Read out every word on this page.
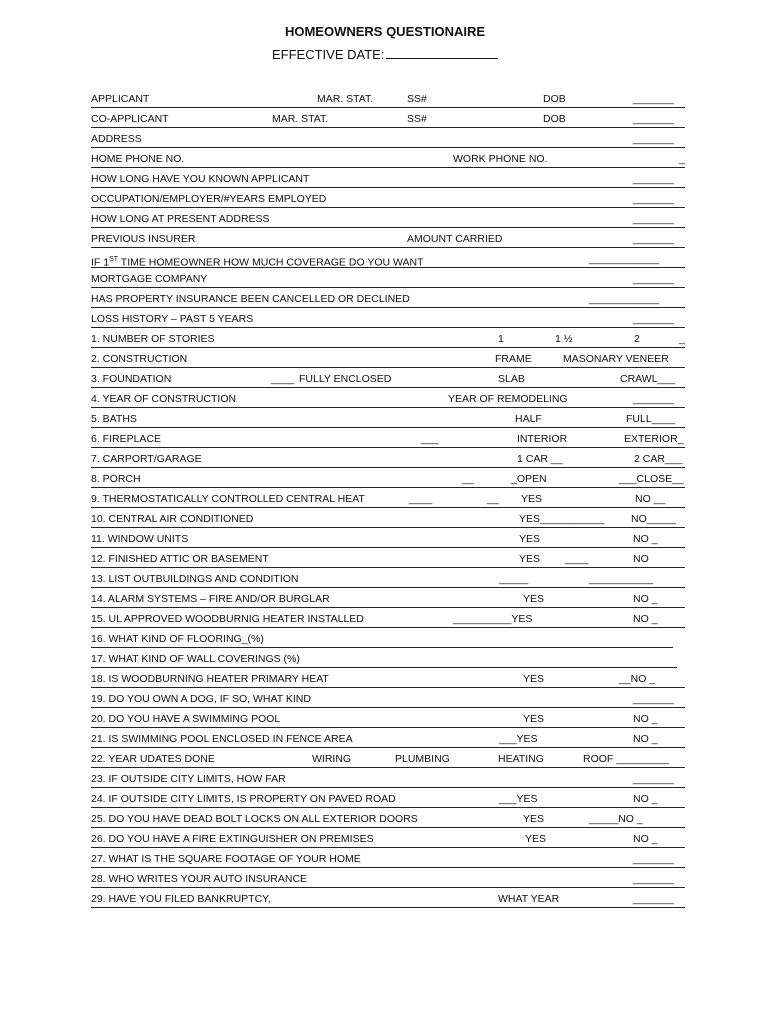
HOMEOWNERS QUESTIONAIRE
EFFECTIVE DATE:
APPLICANT	MAR. STAT.	SS#	DOB	_______
CO-APPLICANT	MAR. STAT.	SS#	DOB	_______
ADDRESS	_______
HOME PHONE NO.	WORK PHONE NO.	_
HOW LONG HAVE YOU KNOWN APPLICANT	_______
OCCUPATION/EMPLOYER/#YEARS EMPLOYED	_______
HOW LONG AT PRESENT ADDRESS	_______
PREVIOUS INSURER	AMOUNT CARRIED	_______
IF 1ST TIME HOMEOWNER HOW MUCH COVERAGE DO YOU WANT	____________
MORTGAGE COMPANY	_______
HAS PROPERTY INSURANCE BEEN CANCELLED OR DECLINED	____________
LOSS HISTORY – PAST 5 YEARS	_______
1. NUMBER OF STORIES	1	1 ½	2	_
2. CONSTRUCTION	FRAME	MASONARY VENEER
3. FOUNDATION	____ FULLY ENCLOSED	SLAB	CRAWL___
4. YEAR OF CONSTRUCTION	YEAR OF REMODELING	_______
5. BATHS	HALF	FULL____
6. FIREPLACE	___	INTERIOR	EXTERIOR_
7. CARPORT/GARAGE	1 CAR __	2 CAR___
8. PORCH	__	_OPEN	___CLOSE__
9. THERMOSTATICALLY CONTROLLED CENTRAL HEAT	____	__ YES	NO __
10. CENTRAL AIR CONDITIONED	YES___________	NO_____
11. WINDOW UNITS	YES	NO _
12. FINISHED ATTIC OR BASEMENT	YES ____	NO
13. LIST OUTBUILDINGS AND CONDITION	_____	___________
14. ALARM SYSTEMS – FIRE AND/OR BURGLAR	YES	NO _
15. UL APPROVED WOODBURNIG HEATER INSTALLED	__________YES	NO _
16. WHAT KIND OF FLOORING_(%)
17. WHAT KIND OF WALL COVERINGS (%)
18. IS WOODBURNING HEATER PRIMARY HEAT	YES	__NO _
19. DO YOU OWN A DOG, IF SO, WHAT KIND	_______
20. DO YOU HAVE A SWIMMING POOL	YES	NO _
21. IS SWIMMING POOL ENCLOSED IN FENCE AREA	___YES	NO _
22. YEAR UDATES DONE	WIRING	PLUMBING	HEATING	ROOF _________
23. IF OUTSIDE CITY LIMITS, HOW FAR	_______
24. IF OUTSIDE CITY LIMITS, IS PROPERTY ON PAVED ROAD	___YES	NO _
25. DO YOU HAVE DEAD BOLT LOCKS ON ALL EXTERIOR DOORS	YES	_____NO _
26. DO YOU HAVE A FIRE EXTINGUISHER ON PREMISES	YES	NO _
27. WHAT IS THE SQUARE FOOTAGE OF YOUR HOME	_______
28. WHO WRITES YOUR AUTO INSURANCE	_______
29. HAVE YOU FILED BANKRUPTCY,	WHAT YEAR	_______
